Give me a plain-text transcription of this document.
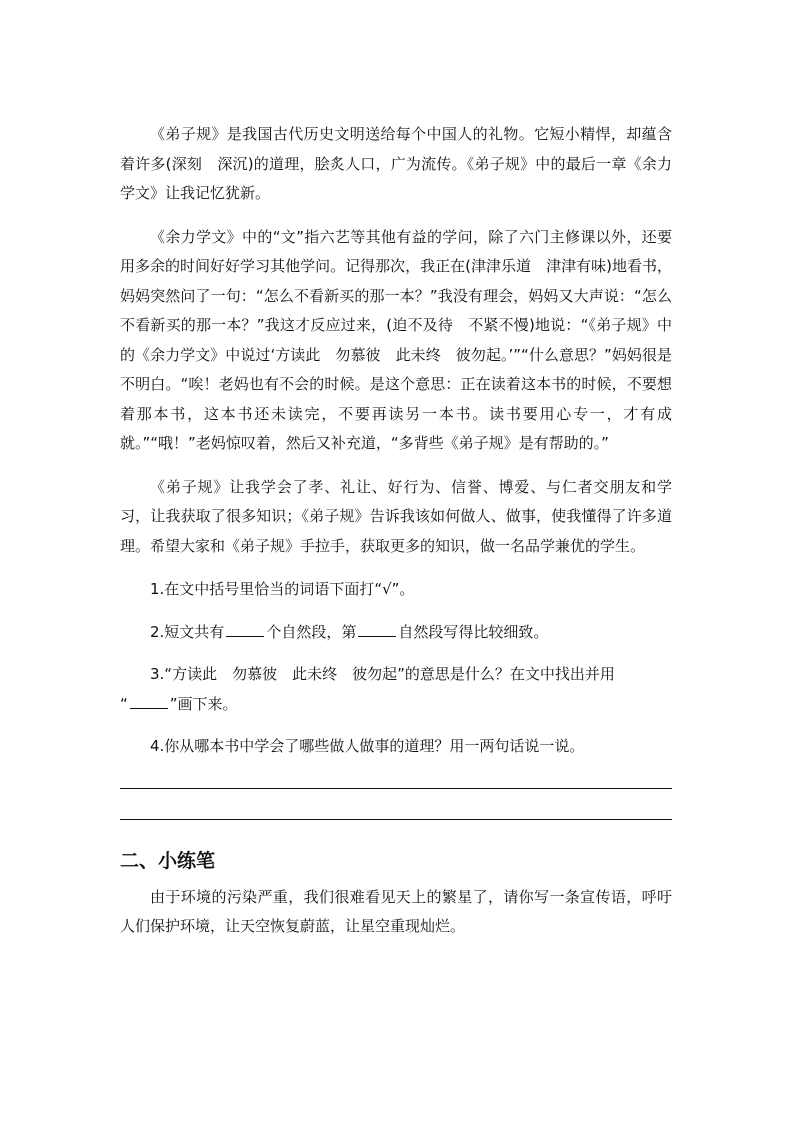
《弟子规》是我国古代历史文明送给每个中国人的礼物。它短小精悍，却蕴含着许多(深刻　深沉)的道理，脍炙人口，广为流传。《弟子规》中的最后一章《余力学文》让我记忆犹新。

《余力学文》中的“文”指六艺等其他有益的学问，除了六门主修课以外，还要用多余的时间好好学习其他学问。记得那次，我正在(津津乐道　津津有味)地看书，妈妈突然问了一句：“怎么不看新买的那一本？”我没有理会，妈妈又大声说：“怎么不看新买的那一本？”我这才反应过来，(迫不及待　不紧不慢)地说：“《弟子规》中的《余力学文》中说过‘方读此　勿慕彼　此未终　彼勿起。’”“什么意思？”妈妈很是不明白。“唉！老妈也有不会的时候。是这个意思：正在读着这本书的时候，不要想着那本书，这本书还未读完，不要再读另一本书。读书要用心专一，才有成就。”“哦！”老妈惊叹着，然后又补充道，“多背些《弟子规》是有帮助的。”

《弟子规》让我学会了孝、礼让、好行为、信誉、博爱、与仁者交朋友和学习，让我获取了很多知识；《弟子规》告诉我该如何做人、做事，使我懂得了许多道理。希望大家和《弟子规》手拉手，获取更多的知识，做一名品学兼优的学生。

1.在文中括号里恰当的词语下面打“√”。
2.短文共有	个自然段，第	自然段写得比较细致。
3.“方读此　勿慕彼　此未终　彼勿起”的意思是什么？在文中找出并用
“	”画下来。
4.你从哪本书中学会了哪些做人做事的道理？用一两句话说一说。
二、小练笔

由于环境的污染严重，我们很难看见天上的繁星了，请你写一条宣传语，呼吁人们保护环境，让天空恢复蔚蓝，让星空重现灿烂。
